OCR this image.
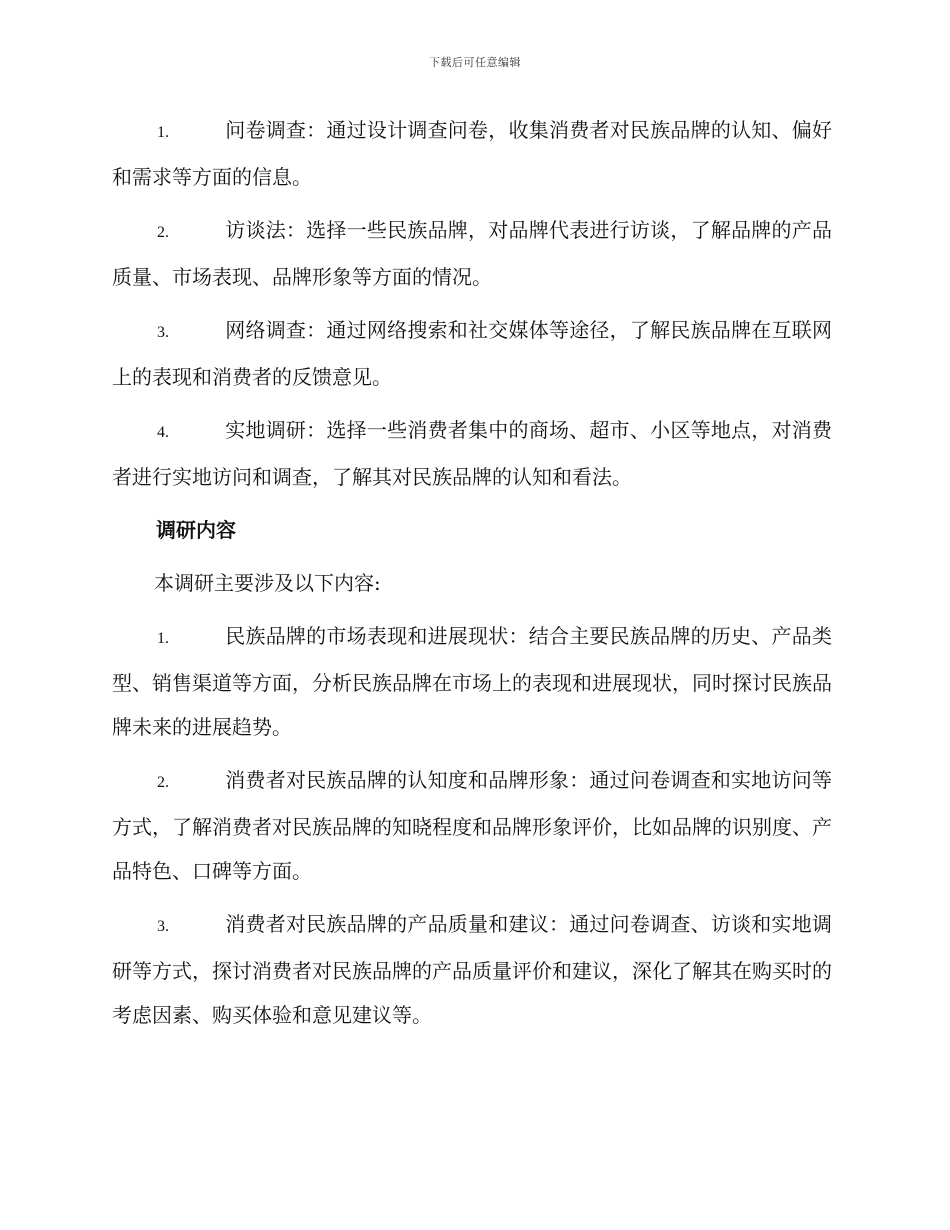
下载后可任意编辑
1.	问卷调查：通过设计调查问卷，收集消费者对民族品牌的认知、偏好和需求等方面的信息。
2.	访谈法：选择一些民族品牌，对品牌代表进行访谈，了解品牌的产品质量、市场表现、品牌形象等方面的情况。
3.	网络调查：通过网络搜索和社交媒体等途径，了解民族品牌在互联网上的表现和消费者的反馈意见。
4.	实地调研：选择一些消费者集中的商场、超市、小区等地点，对消费者进行实地访问和调查，了解其对民族品牌的认知和看法。
调研内容
本调研主要涉及以下内容:
1.	民族品牌的市场表现和进展现状：结合主要民族品牌的历史、产品类型、销售渠道等方面，分析民族品牌在市场上的表现和进展现状，同时探讨民族品牌未来的进展趋势。
2.	消费者对民族品牌的认知度和品牌形象：通过问卷调查和实地访问等方式，了解消费者对民族品牌的知晓程度和品牌形象评价，比如品牌的识别度、产品特色、口碑等方面。
3.	消费者对民族品牌的产品质量和建议：通过问卷调查、访谈和实地调研等方式，探讨消费者对民族品牌的产品质量评价和建议，深化了解其在购买时的考虑因素、购买体验和意见建议等。
